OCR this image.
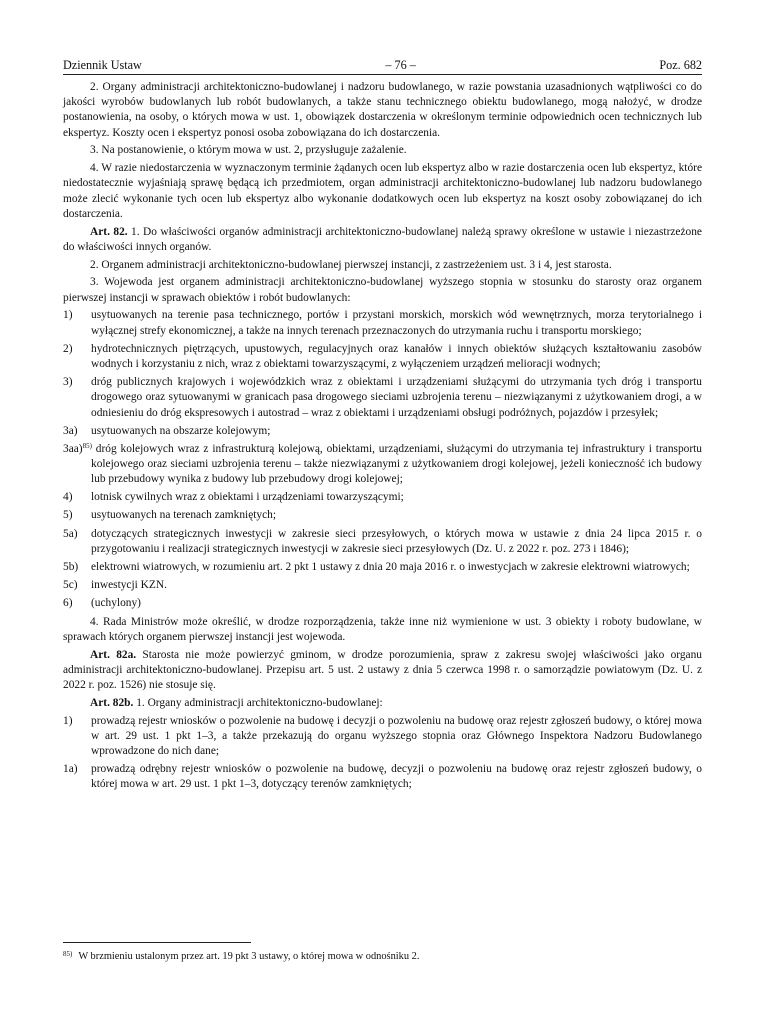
Dziennik Ustaw	– 76 –	Poz. 682

2. Organy administracji architektoniczno-budowlanej i nadzoru budowlanego, w razie powstania uzasadnionych wątpliwości co do jakości wyrobów budowlanych lub robót budowlanych, a także stanu technicznego obiektu budowlanego, mogą nałożyć, w drodze postanowienia, na osoby, o których mowa w ust. 1, obowiązek dostarczenia w określonym terminie odpowiednich ocen technicznych lub ekspertyz. Koszty ocen i ekspertyz ponosi osoba zobowiązana do ich dostarczenia.

3. Na postanowienie, o którym mowa w ust. 2, przysługuje zażalenie.

4. W razie niedostarczenia w wyznaczonym terminie żądanych ocen lub ekspertyz albo w razie dostarczenia ocen lub ekspertyz, które niedostatecznie wyjaśniają sprawę będącą ich przedmiotem, organ administracji architektoniczno-budowlanej lub nadzoru budowlanego może zlecić wykonanie tych ocen lub ekspertyz albo wykonanie dodatkowych ocen lub ekspertyz na koszt osoby zobowiązanej do ich dostarczenia.

Art. 82. 1. Do właściwości organów administracji architektoniczno-budowlanej należą sprawy określone w ustawie i niezastrzeżone do właściwości innych organów.

2. Organem administracji architektoniczno-budowlanej pierwszej instancji, z zastrzeżeniem ust. 3 i 4, jest starosta.

3. Wojewoda jest organem administracji architektoniczno-budowlanej wyższego stopnia w stosunku do starosty oraz organem pierwszej instancji w sprawach obiektów i robót budowlanych:

1)	usytuowanych na terenie pasa technicznego, portów i przystani morskich, morskich wód wewnętrznych, morza terytorialnego i wyłącznej strefy ekonomicznej, a także na innych terenach przeznaczonych do utrzymania ruchu i transportu morskiego;
2)	hydrotechnicznych piętrzących, upustowych, regulacyjnych oraz kanałów i innych obiektów służących kształtowaniu zasobów wodnych i korzystaniu z nich, wraz z obiektami towarzyszącymi, z wyłączeniem urządzeń melioracji wodnych;
3)	dróg publicznych krajowych i wojewódzkich wraz z obiektami i urządzeniami służącymi do utrzymania tych dróg i transportu drogowego oraz sytuowanymi w granicach pasa drogowego sieciami uzbrojenia terenu – niezwiązanymi z użytkowaniem drogi, a w odniesieniu do dróg ekspresowych i autostrad – wraz z obiektami i urządzeniami obsługi podróżnych, pojazdów i przesyłek;
3a)	usytuowanych na obszarze kolejowym;

3aa)$^{85)}$ dróg kolejowych wraz z infrastrukturą kolejową, obiektami, urządzeniami, służącymi do utrzymania tej infrastruktury i transportu kolejowego oraz sieciami uzbrojenia terenu – także niezwiązanymi z użytkowaniem drogi kolejowej, jeżeli konieczność ich budowy lub przebudowy wynika z budowy lub przebudowy drogi kolejowej;

4)	lotnisk cywilnych wraz z obiektami i urządzeniami towarzyszącymi;
5)	usytuowanych na terenach zamkniętych;
5a)	dotyczących strategicznych inwestycji w zakresie sieci przesyłowych, o których mowa w ustawie z dnia 24 lipca 2015 r. o przygotowaniu i realizacji strategicznych inwestycji w zakresie sieci przesyłowych (Dz. U. z 2022 r. poz. 273 i 1846);
5b)	elektrowni wiatrowych, w rozumieniu art. 2 pkt 1 ustawy z dnia 20 maja 2016 r. o inwestycjach w zakresie elektrowni wiatrowych;
5c)	inwestycji KZN.
6)	(uchylony)

4. Rada Ministrów może określić, w drodze rozporządzenia, także inne niż wymienione w ust. 3 obiekty i roboty budowlane, w sprawach których organem pierwszej instancji jest wojewoda.

Art. 82a. Starosta nie może powierzyć gminom, w drodze porozumienia, spraw z zakresu swojej właściwości jako organu administracji architektoniczno-budowlanej. Przepisu art. 5 ust. 2 ustawy z dnia 5 czerwca 1998 r. o samorządzie powiatowym (Dz. U. z 2022 r. poz. 1526) nie stosuje się.

Art. 82b. 1. Organy administracji architektoniczno-budowlanej:

1)	prowadzą rejestr wniosków o pozwolenie na budowę i decyzji o pozwoleniu na budowę oraz rejestr zgłoszeń budowy, o której mowa w art. 29 ust. 1 pkt 1–3, a także przekazują do organu wyższego stopnia oraz Głównego Inspektora Nadzoru Budowlanego wprowadzone do nich dane;
1a)	prowadzą odrębny rejestr wniosków o pozwolenie na budowę, decyzji o pozwoleniu na budowę oraz rejestr zgłoszeń budowy, o której mowa w art. 29 ust. 1 pkt 1–3, dotyczący terenów zamkniętych;
$^{85)}$ W brzmieniu ustalonym przez art. 19 pkt 3 ustawy, o której mowa w odnośniku 2.
